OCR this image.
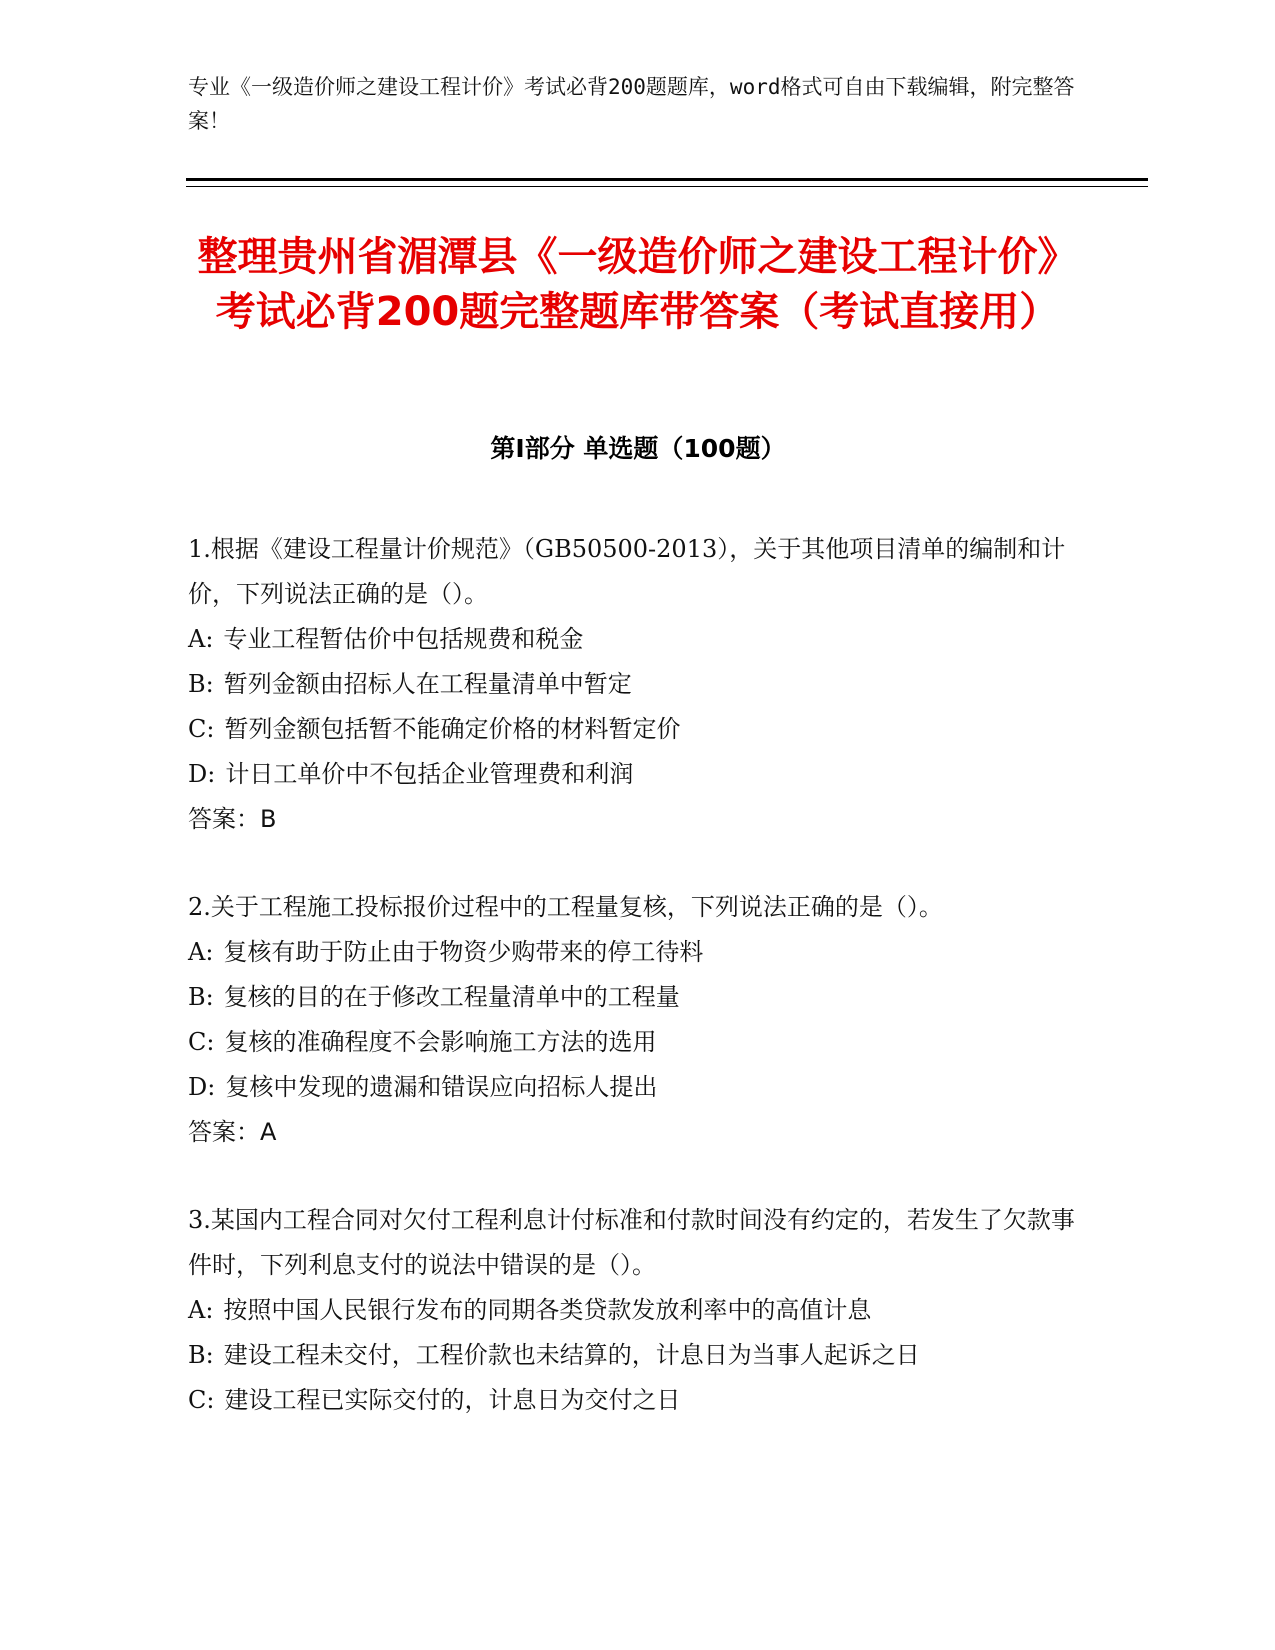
专业《一级造价师之建设工程计价》考试必背200题题库，word格式可自由下载编辑，附完整答案！
整理贵州省湄潭县《一级造价师之建设工程计价》考试必背200题完整题库带答案（考试直接用）
第I部分 单选题（100题）

1.根据《建设工程量计价规范》（GB50500-2013），关于其他项目清单的编制和计价，下列说法正确的是（）。

A: 专业工程暂估价中包括规费和税金
B: 暂列金额由招标人在工程量清单中暂定
C: 暂列金额包括暂不能确定价格的材料暂定价
D: 计日工单价中不包括企业管理费和利润

答案：B

2.关于工程施工投标报价过程中的工程量复核，下列说法正确的是（）。

A: 复核有助于防止由于物资少购带来的停工待料
B: 复核的目的在于修改工程量清单中的工程量
C: 复核的准确程度不会影响施工方法的选用
D: 复核中发现的遗漏和错误应向招标人提出

答案：A

3.某国内工程合同对欠付工程利息计付标准和付款时间没有约定的，若发生了欠款事件时，下列利息支付的说法中错误的是（）。

A: 按照中国人民银行发布的同期各类贷款发放利率中的高值计息
B: 建设工程未交付，工程价款也未结算的，计息日为当事人起诉之日
C: 建设工程已实际交付的，计息日为交付之日
